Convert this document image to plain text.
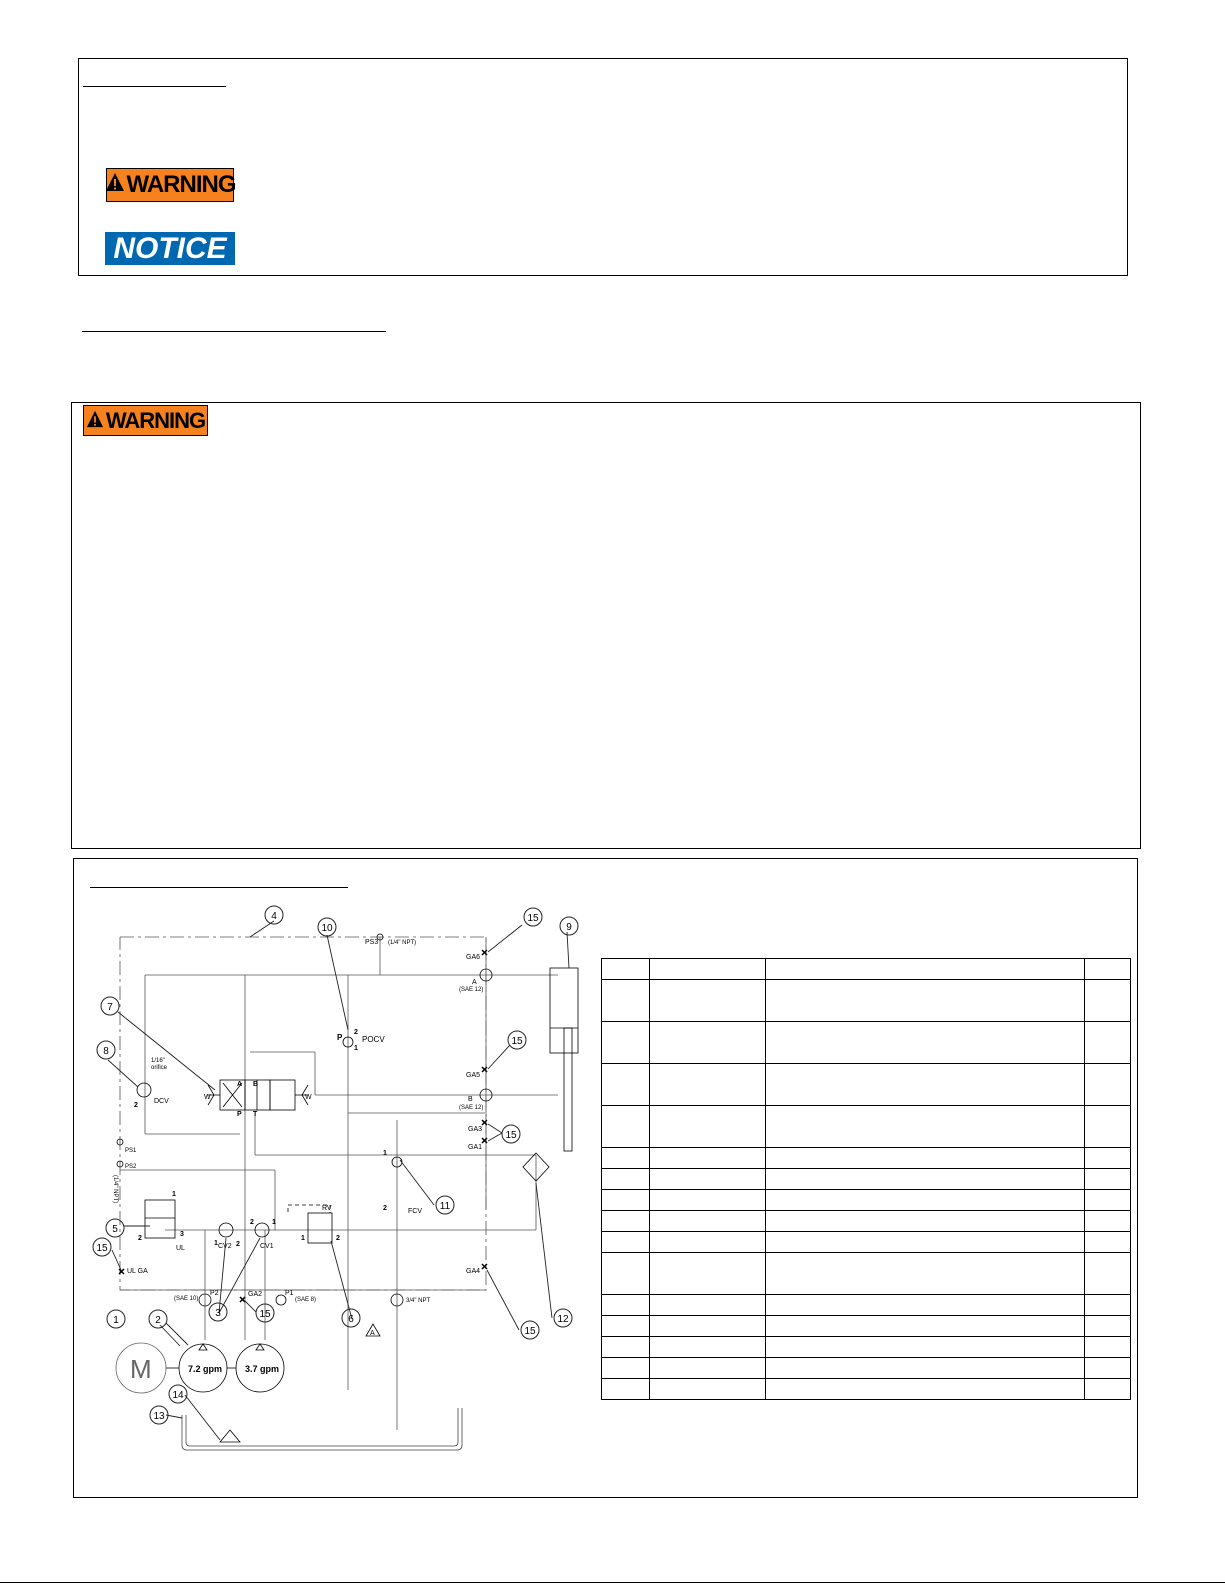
WARNING
NOTICE
WARNING
PS3 (1/4" NPT)
GA6
A
(SAE 12)
GA5
B
(SAE 12)
GA3
GA1
GA4
POCV
P
2
1
DCV
1/16"
orifice
PS1
PS2
(1/4" NPT)
UL
UL GA
CV2	CV1
RV	FCV
P2
(SAE 10)
GA2	P1
(SAE 8)	3/4" NPT
M	7.2 gpm	3.7 gpm
A
A B
P T
W	W
1
2
3
1	2
2	1
1	2
1
2
2
4
10
15
9
7
8
15
15
11
12
5
15
3	15	6
15
1	2
14
13
